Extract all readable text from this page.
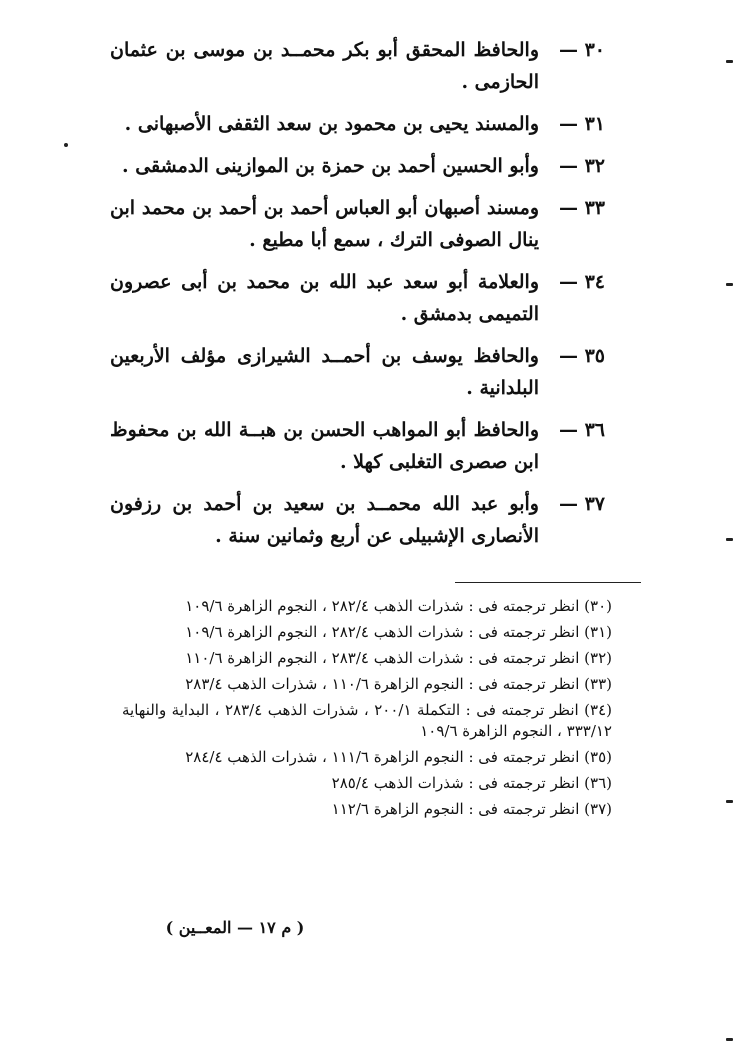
٣٠ —
والحافظ المحقق أبو بكر محمــد بن موسى بن عثمان الحازمى .
٣١ —
والمسند يحيى بن محمود بن سعد الثقفى الأصبهانى .
٣٢ —
وأبو الحسين أحمد بن حمزة بن الموازينى الدمشقى .
٣٣ —
ومسند أصبهان أبو العباس أحمد بن أحمد بن محمد ابن ينال الصوفى الترك ، سمع أبا مطيع .
٣٤ —
والعلامة أبو سعد عبد الله بن محمد بن أبى عصرون التميمى بدمشق .
٣٥ —
والحافظ يوسف بن أحمــد الشيرازى مؤلف الأربعين البلدانية .
٣٦ —
والحافظ أبو المواهب الحسن بن هبــة الله بن محفوظ ابن صصرى التغلبى كهلا .
٣٧ —
وأبو عبد الله محمــد بن سعيد بن أحمد بن رزفون الأنصارى الإشبيلى عن أربع وثمانين سنة .
(٣٠) انظر ترجمته فى : شذرات الذهب ٢٨٢/٤ ، النجوم الزاهرة ١٠٩/٦
(٣١) انظر ترجمته فى : شذرات الذهب ٢٨٢/٤ ، النجوم الزاهرة ١٠٩/٦
(٣٢) انظر ترجمته فى : شذرات الذهب ٢٨٣/٤ ، النجوم الزاهرة ١١٠/٦
(٣٣) انظر ترجمته فى : النجوم الزاهرة ١١٠/٦ ، شذرات الذهب ٢٨٣/٤
(٣٤) انظر ترجمته فى : التكملة ٢٠٠/١ ، شذرات الذهب ٢٨٣/٤ ، البداية والنهاية ٣٣٣/١٢ ، النجوم الزاهرة ١٠٩/٦
(٣٥) انظر ترجمته فى : النجوم الزاهرة ١١١/٦ ، شذرات الذهب ٢٨٤/٤
(٣٦) انظر ترجمته فى : شذرات الذهب ٢٨٥/٤
(٣٧) انظر ترجمته فى : النجوم الزاهرة ١١٢/٦
( م ١٧ — المعــين )
